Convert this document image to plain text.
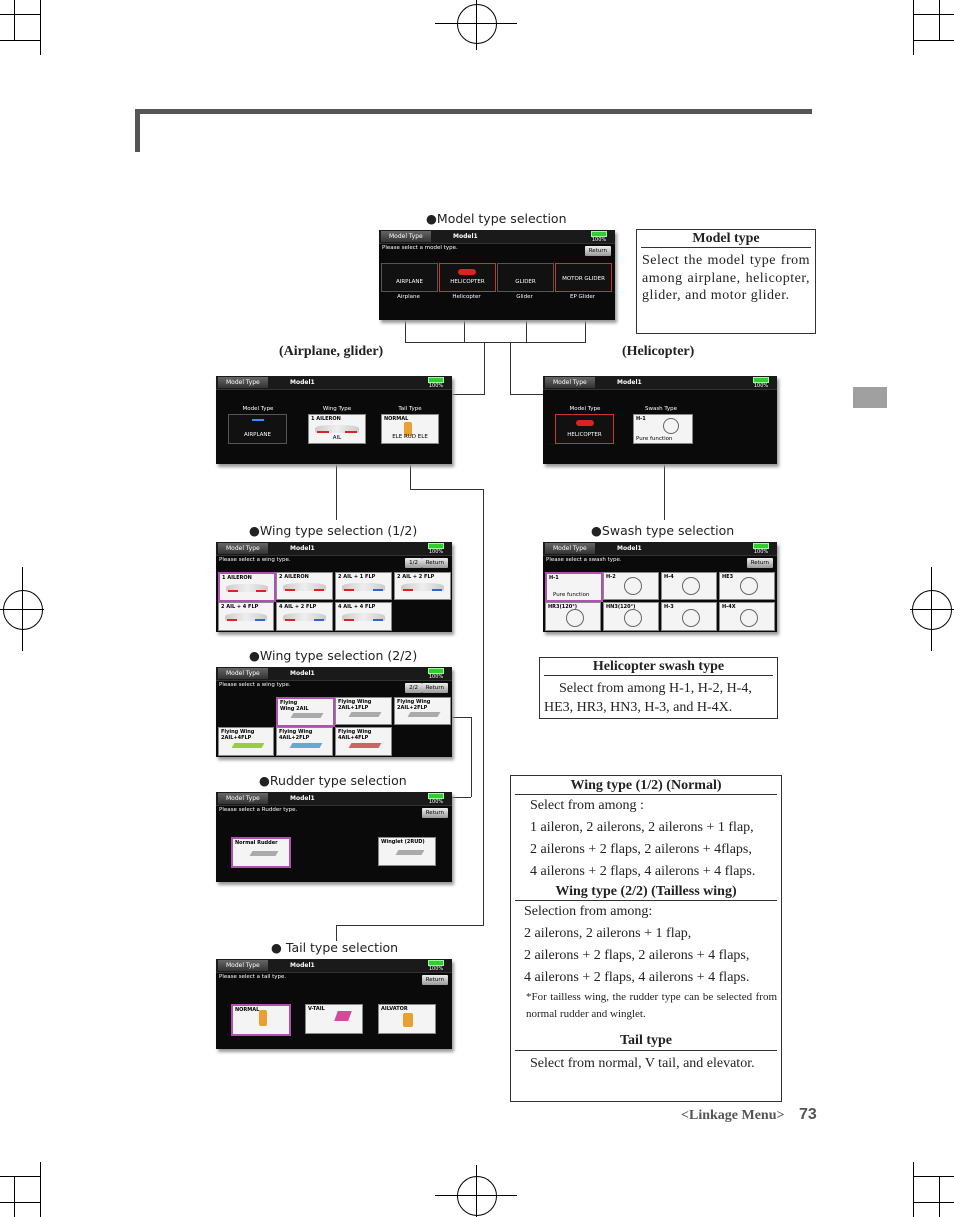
●Model type selection
(Airplane, glider)	(Helicopter)
●Wing type selection (1/2)	●Swash type selection
●Wing type selection (2/2)
●Rudder type selection
● Tail type selection
Model Type	Model1	100%
Please select a model type.	Return
AIRPLANE	HELICOPTER	GLIDER	MOTOR GLIDER
Airplane	Helicopter	Glider	EP Glider
Model type
Select the model type from among airplane, helicopter, glider, and motor glider.
Model Type	Model1	100%
Model Type	Wing Type	Tail Type
AIRPLANE
1 AILERON
AIL
NORMAL
ELE RUD ELE
Model Type	Model1	100%
Model Type	Swash Type
HELICOPTER
H-1
Pure function
Model Type	Model1	100%
Please select a wing type.	1/2	Return
1 AILERON	2 AILERON	2 AIL + 1 FLP	2 AIL + 2 FLP
2 AIL + 4 FLP	4 AIL + 2 FLP	4 AIL + 4 FLP
Model Type	Model1	100%
Please select a swash type.	Return
H-1
Pure function
H-2	H-4	HE3
HR3(120°)	HN3(120°)	H-3	H-4X
Helicopter swash type
Select from among H-1, H-2, H-4, HE3, HR3, HN3, H-3, and H-4X.
Model Type	Model1	100%
Please select a wing type.	2/2	Return
Flying Wing 2AIL
Flying Wing 2AIL+1FLP
Flying Wing 2AIL+2FLP
Flying Wing 2AIL+4FLP
Flying Wing 4AIL+2FLP
Flying Wing 4AIL+4FLP
Model Type	Model1	100%
Please select a Rudder type.	Return
Normal Rudder	Winglet (2RUD)
Model Type	Model1	100%
Please select a tail type.	Return
NORMAL	V-TAIL	AILVATOR
Wing type (1/2) (Normal)
Select from among :
1 aileron, 2 ailerons, 2 ailerons + 1 flap,
2 ailerons + 2 flaps, 2 ailerons + 4flaps,
4 ailerons + 2 flaps, 4 ailerons + 4 flaps.
Wing type (2/2) (Tailless wing)
Selection from among:
2 ailerons, 2 ailerons + 1 flap,
2 ailerons + 2 flaps, 2 ailerons + 4 flaps,
4 ailerons + 2 flaps, 4 ailerons + 4 flaps.
*For tailless wing, the rudder type can be selected from normal rudder and winglet.
Tail type
Select from normal, V tail, and elevator.
<Linkage Menu> 73
